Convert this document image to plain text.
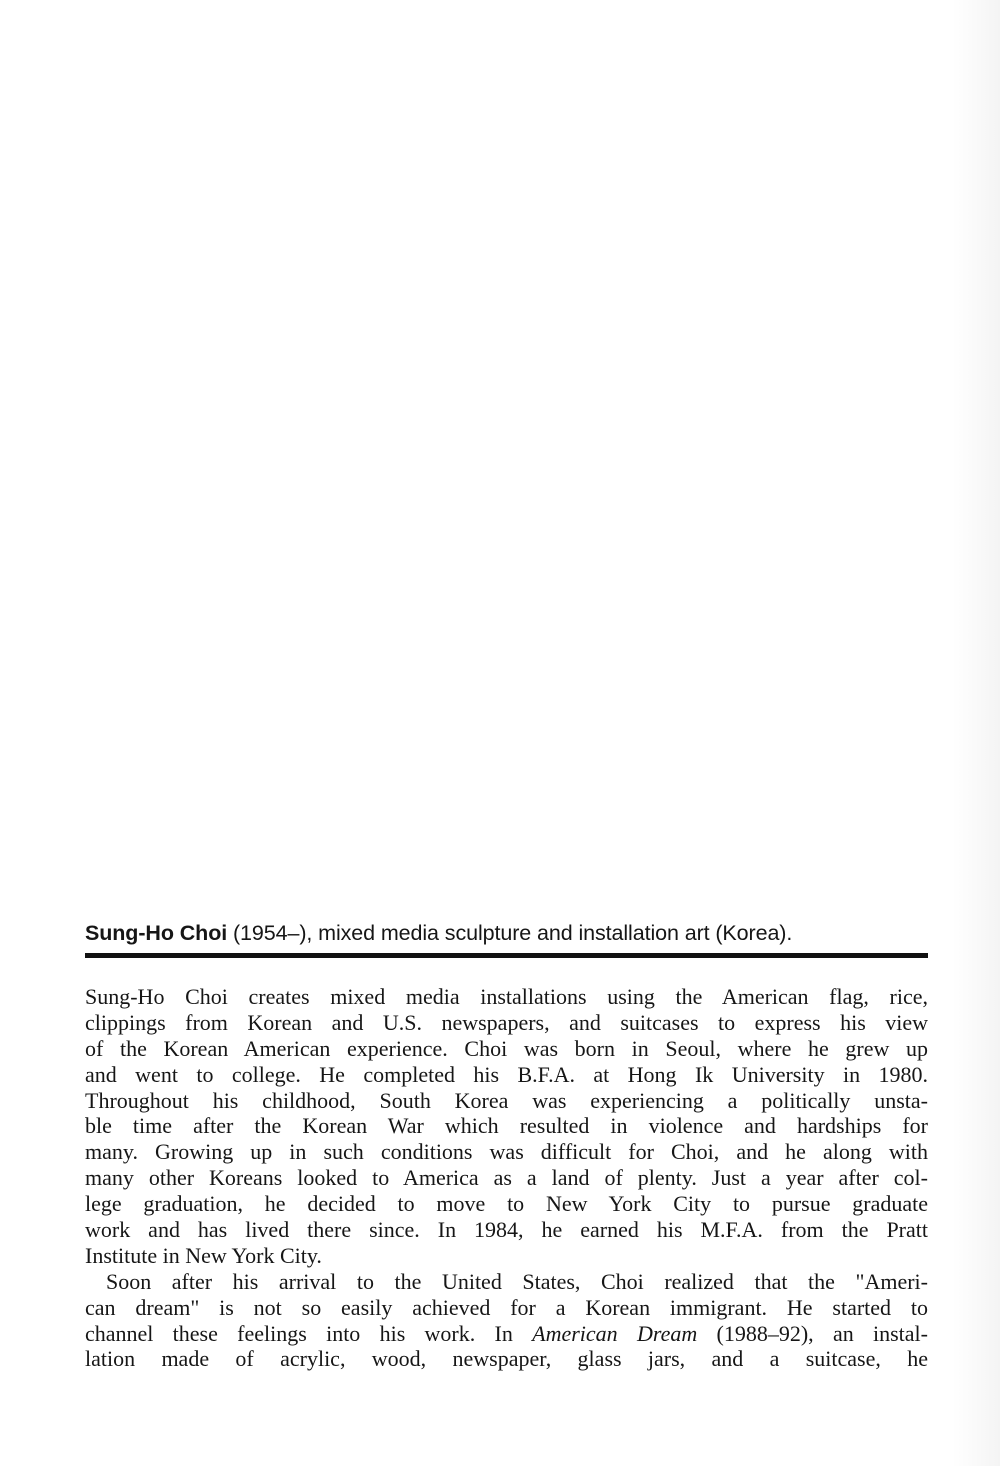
Sung-Ho Choi (1954–), mixed media sculpture and installation art (Korea).
Sung-Ho Choi creates mixed media installations using the American flag, rice,
clippings from Korean and U.S. newspapers, and suitcases to express his view
of the Korean American experience. Choi was born in Seoul, where he grew up
and went to college. He completed his B.F.A. at Hong Ik University in 1980.
Throughout his childhood, South Korea was experiencing a politically unsta-
ble time after the Korean War which resulted in violence and hardships for
many. Growing up in such conditions was difficult for Choi, and he along with
many other Koreans looked to America as a land of plenty. Just a year after col-
lege graduation, he decided to move to New York City to pursue graduate
work and has lived there since. In 1984, he earned his M.F.A. from the Pratt
Institute in New York City.
Soon after his arrival to the United States, Choi realized that the "Ameri-
can dream" is not so easily achieved for a Korean immigrant. He started to
channel these feelings into his work. In American Dream (1988–92), an instal-
lation made of acrylic, wood, newspaper, glass jars, and a suitcase, he
